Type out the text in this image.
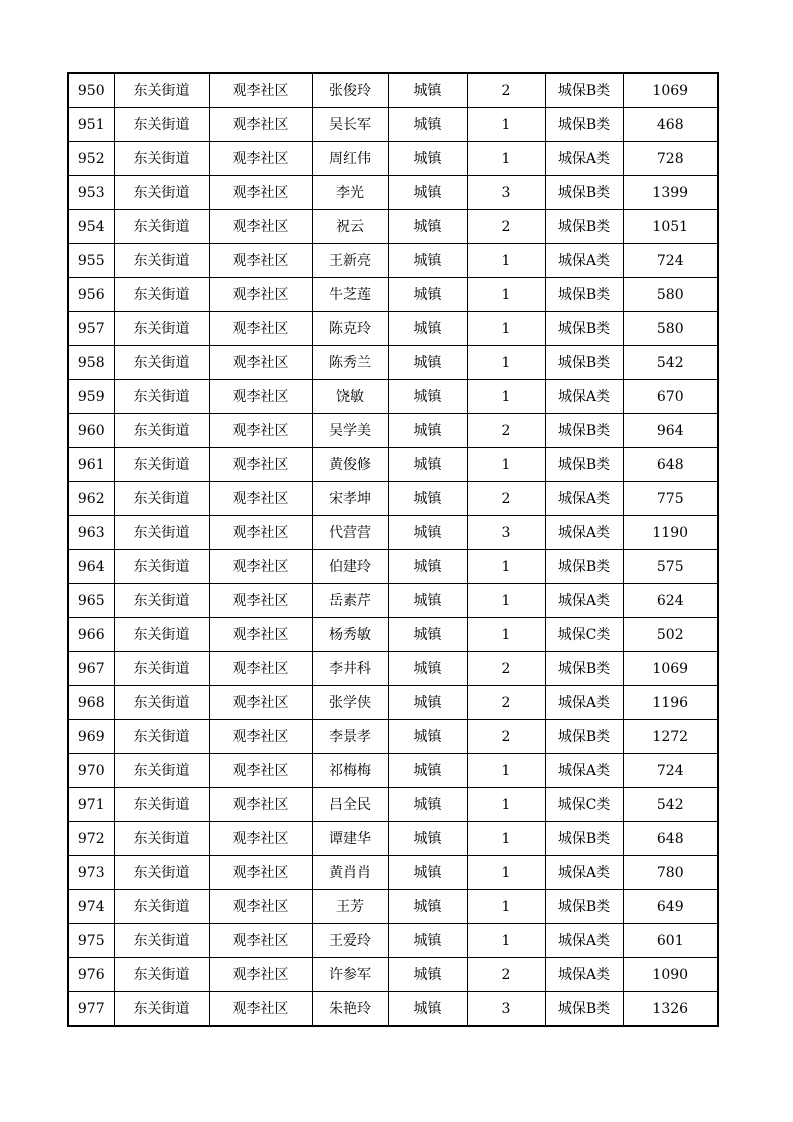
950	东关街道	观李社区	张俊玲	城镇	2	城保B类	1069
951	东关街道	观李社区	吴长军	城镇	1	城保B类	468
952	东关街道	观李社区	周红伟	城镇	1	城保A类	728
953	东关街道	观李社区	李光	城镇	3	城保B类	1399
954	东关街道	观李社区	祝云	城镇	2	城保B类	1051
955	东关街道	观李社区	王新亮	城镇	1	城保A类	724
956	东关街道	观李社区	牛芝莲	城镇	1	城保B类	580
957	东关街道	观李社区	陈克玲	城镇	1	城保B类	580
958	东关街道	观李社区	陈秀兰	城镇	1	城保B类	542
959	东关街道	观李社区	饶敏	城镇	1	城保A类	670
960	东关街道	观李社区	吴学美	城镇	2	城保B类	964
961	东关街道	观李社区	黄俊修	城镇	1	城保B类	648
962	东关街道	观李社区	宋孝坤	城镇	2	城保A类	775
963	东关街道	观李社区	代营营	城镇	3	城保A类	1190
964	东关街道	观李社区	伯建玲	城镇	1	城保B类	575
965	东关街道	观李社区	岳素芹	城镇	1	城保A类	624
966	东关街道	观李社区	杨秀敏	城镇	1	城保C类	502
967	东关街道	观李社区	李井科	城镇	2	城保B类	1069
968	东关街道	观李社区	张学侠	城镇	2	城保A类	1196
969	东关街道	观李社区	李景孝	城镇	2	城保B类	1272
970	东关街道	观李社区	祁梅梅	城镇	1	城保A类	724
971	东关街道	观李社区	吕全民	城镇	1	城保C类	542
972	东关街道	观李社区	谭建华	城镇	1	城保B类	648
973	东关街道	观李社区	黄肖肖	城镇	1	城保A类	780
974	东关街道	观李社区	王芳	城镇	1	城保B类	649
975	东关街道	观李社区	王爱玲	城镇	1	城保A类	601
976	东关街道	观李社区	许参军	城镇	2	城保A类	1090
977	东关街道	观李社区	朱艳玲	城镇	3	城保B类	1326
